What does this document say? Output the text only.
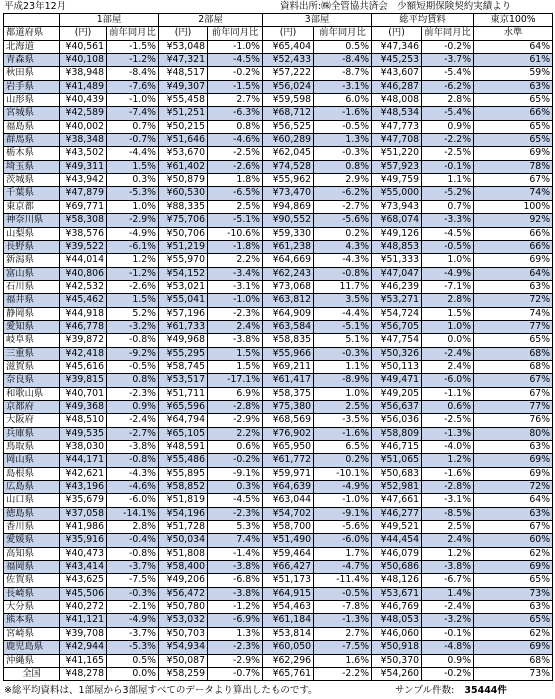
平成23年12月	資料出所:㈱全管協共済会　少額短期保険契約実績より
	1部屋		2部屋		3部屋		総平均賃料		東京100%
都道府県	(円)	前年同月比	(円)	前年同月比	(円)	前年同月比	(円)	前年同月比	水準
北海道	¥40,561	-1.5%	¥53,048	-1.0%	¥65,404	0.5%	¥47,346	-0.2%	64%
青森県	¥40,108	-1.2%	¥47,321	-4.5%	¥52,433	-8.4%	¥45,253	-3.7%	61%
秋田県	¥38,948	-8.4%	¥48,517	-0.2%	¥57,222	-8.7%	¥43,607	-5.4%	59%
岩手県	¥41,489	-7.6%	¥49,307	-1.5%	¥56,024	-3.1%	¥46,287	-6.2%	63%
山形県	¥40,439	-1.0%	¥55,458	2.7%	¥59,598	6.0%	¥48,008	2.8%	65%
宮城県	¥42,589	-7.4%	¥51,251	-6.3%	¥68,712	-1.6%	¥48,534	-5.4%	66%
福島県	¥40,002	0.7%	¥50,215	0.8%	¥56,525	-0.5%	¥47,773	0.9%	65%
群馬県	¥38,348	-0.7%	¥51,646	-4.6%	¥60,289	1.3%	¥47,708	-2.2%	65%
栃木県	¥43,502	-4.4%	¥53,670	-2.5%	¥62,045	-0.3%	¥51,220	-2.5%	69%
埼玉県	¥49,311	1.5%	¥61,402	-2.6%	¥74,528	0.8%	¥57,923	-0.1%	78%
茨城県	¥43,942	0.3%	¥50,879	1.8%	¥55,962	2.9%	¥49,759	1.1%	67%
千葉県	¥47,879	-5.3%	¥60,530	-6.5%	¥73,470	-6.2%	¥55,000	-5.2%	74%
東京都	¥69,771	1.0%	¥88,335	2.5%	¥94,869	-2.7%	¥73,943	0.7%	100%
神奈川県	¥58,308	-2.9%	¥75,706	-5.1%	¥90,552	-5.6%	¥68,074	-3.3%	92%
山梨県	¥38,576	-4.9%	¥50,706	-10.6%	¥59,330	0.2%	¥49,126	-4.5%	66%
長野県	¥39,522	-6.1%	¥51,219	-1.8%	¥61,238	4.3%	¥48,853	-0.5%	66%
新潟県	¥44,014	1.2%	¥55,970	2.2%	¥64,669	-4.3%	¥51,333	1.0%	69%
富山県	¥40,806	-1.2%	¥54,152	-3.4%	¥62,243	-0.8%	¥47,047	-4.9%	64%
石川県	¥42,532	-2.6%	¥53,021	-3.1%	¥73,068	11.7%	¥46,239	-7.1%	63%
福井県	¥45,462	1.5%	¥55,041	-1.0%	¥63,812	3.5%	¥53,271	2.8%	72%
静岡県	¥44,918	5.2%	¥57,196	-2.3%	¥64,909	-4.4%	¥54,724	1.5%	74%
愛知県	¥46,778	-3.2%	¥61,733	2.4%	¥63,584	-5.1%	¥56,705	1.0%	77%
岐阜県	¥39,872	-0.8%	¥49,968	-3.8%	¥58,835	5.1%	¥47,754	0.0%	65%
三重県	¥42,418	-9.2%	¥55,295	1.5%	¥55,966	-0.3%	¥50,326	-2.4%	68%
滋賀県	¥45,616	-0.5%	¥58,745	1.5%	¥69,211	1.1%	¥50,113	2.4%	68%
奈良県	¥39,815	0.8%	¥53,517	-17.1%	¥61,417	-8.9%	¥49,471	-6.0%	67%
和歌山県	¥40,701	-2.3%	¥51,711	6.9%	¥58,375	1.0%	¥49,205	-1.1%	67%
京都府	¥49,368	0.9%	¥65,596	-2.8%	¥75,380	2.5%	¥56,637	0.6%	77%
大阪府	¥48,510	-2.4%	¥64,794	-2.9%	¥68,569	-3.5%	¥56,036	-2.5%	76%
兵庫県	¥49,535	-2.7%	¥65,105	2.2%	¥76,902	-1.6%	¥58,809	-1.3%	80%
鳥取県	¥38,030	-3.8%	¥48,591	0.6%	¥65,950	6.5%	¥46,715	-4.0%	63%
岡山県	¥44,171	-0.8%	¥55,486	-0.2%	¥61,772	0.2%	¥51,065	1.2%	69%
島根県	¥42,621	-4.3%	¥55,895	-9.1%	¥59,971	-10.1%	¥50,683	-1.6%	69%
広島県	¥43,196	-4.6%	¥58,852	0.3%	¥64,639	-4.9%	¥52,981	-2.8%	72%
山口県	¥35,679	-6.0%	¥51,819	-4.5%	¥63,044	-1.0%	¥47,661	-3.1%	64%
徳島県	¥37,058	-14.1%	¥54,196	-2.3%	¥54,702	-9.1%	¥46,277	-8.5%	63%
香川県	¥41,986	2.8%	¥51,728	5.3%	¥58,700	-5.6%	¥49,521	2.5%	67%
愛媛県	¥35,916	-0.4%	¥50,034	7.4%	¥51,490	-6.0%	¥44,454	2.4%	60%
高知県	¥40,473	-0.8%	¥51,808	-1.4%	¥59,464	1.7%	¥46,079	1.2%	62%
福岡県	¥43,414	-3.7%	¥58,400	-3.8%	¥66,427	-4.7%	¥50,686	-3.8%	69%
佐賀県	¥43,625	-7.5%	¥49,206	-6.8%	¥51,173	-11.4%	¥48,126	-6.7%	65%
長崎県	¥45,506	-0.3%	¥56,472	-3.8%	¥64,915	-0.5%	¥53,671	1.4%	73%
大分県	¥40,272	-2.1%	¥50,780	-1.2%	¥54,463	-7.8%	¥46,769	-2.4%	63%
熊本県	¥41,121	-4.9%	¥53,032	-6.9%	¥61,184	-1.3%	¥48,053	-3.2%	65%
宮崎県	¥39,708	-3.7%	¥50,703	1.3%	¥53,814	2.7%	¥46,060	-0.1%	62%
鹿児島県	¥42,944	-5.3%	¥54,934	-2.3%	¥60,050	-7.5%	¥50,918	-4.8%	69%
沖縄県	¥41,165	0.5%	¥50,087	-2.9%	¥62,296	1.6%	¥50,370	0.9%	68%
全国	¥48,278	0.0%	¥58,259	-0.7%	¥65,761	-2.2%	¥54,260	-0.2%	73%
※総平均資料は、1部屋から3部屋すべてのデータより算出したものです。	サンプル件数: 35444件
